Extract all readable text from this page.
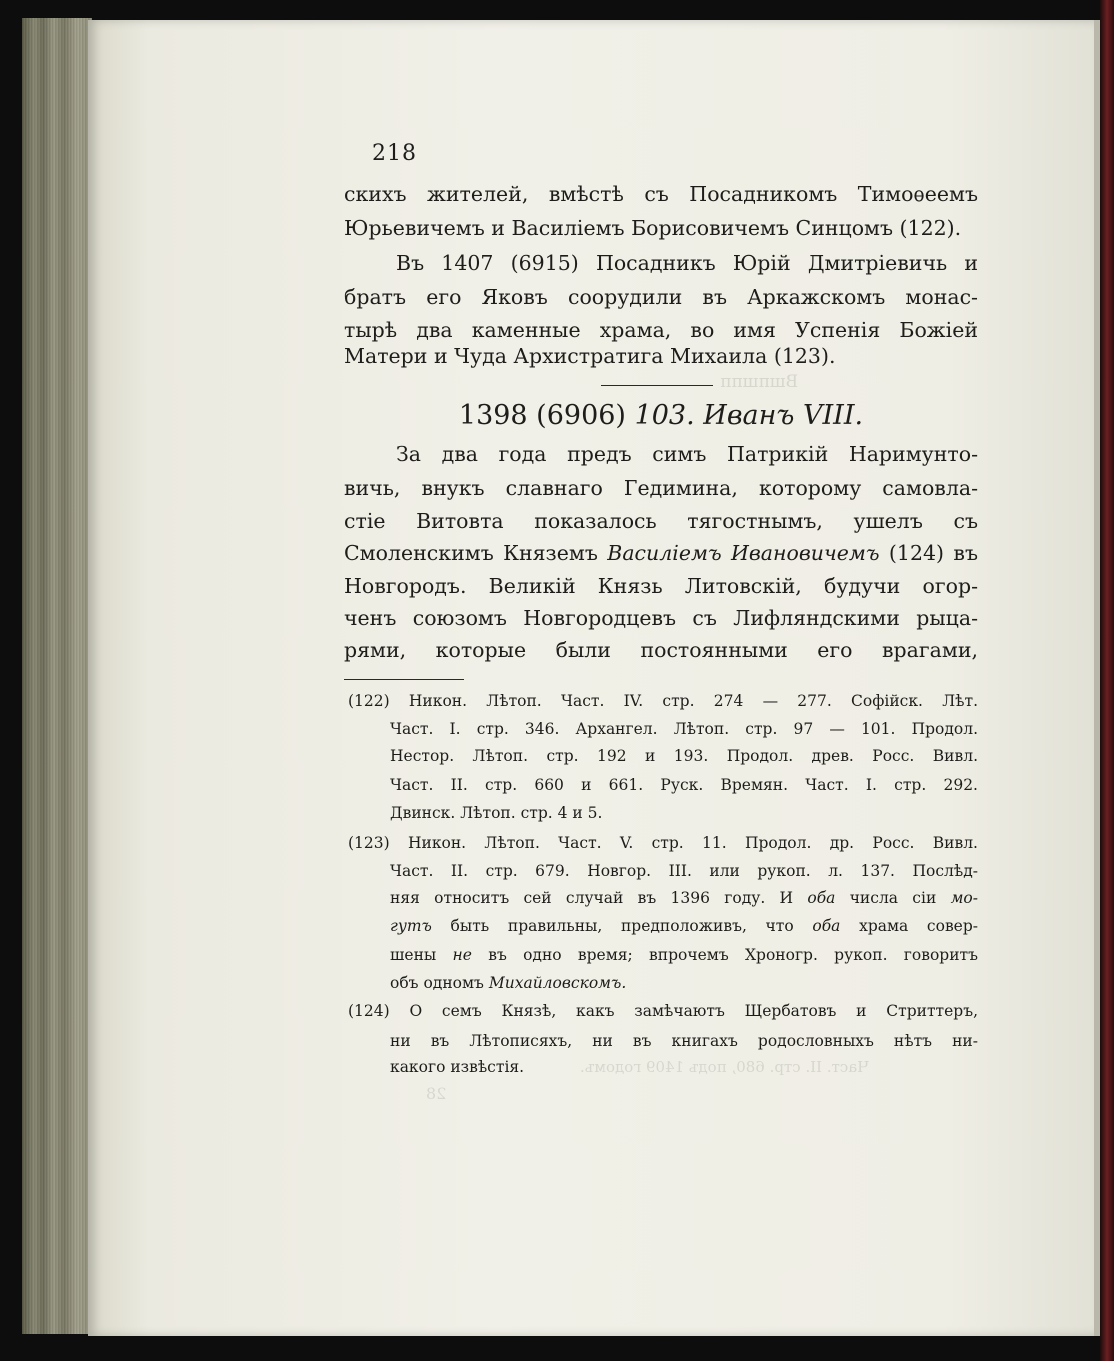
Вшпшпп
218
скихъ жителей, вмѣстѣ съ Посадникомъ Тимоѳеемъ
Юрьевичемъ и Василіемъ Борисовичемъ Синцомъ (122).
Въ 1407 (6915) Посадникъ Юрій Дмитріевичь и
братъ его Яковъ соорудили въ Аркажскомъ монас-
тырѣ два каменные храма, во имя Успенія Божіей
Матери и Чуда Архистратига Михаила (123).
1398 (6906) 103. Иванъ VIII.
За два года предъ симъ Патрикій Наримунто-
вичь, внукъ славнаго Гедимина, которому самовла-
стіе Витовта показалось тягостнымъ, ушелъ съ
Смоленскимъ Княземъ Василіемъ Ивановичемъ (124) въ
Новгородъ. Великій Князь Литовскій, будучи огор-
ченъ союзомъ Новгородцевъ съ Лифляндскими рыца-
рями, которые были постоянными его врагами,
(122) Никон. Лѣтоп. Част. IV. стр. 274 — 277. Софійск. Лѣт.
Част. I. стр. 346. Архангел. Лѣтоп. стр. 97 — 101. Продол.
Нестор. Лѣтоп. стр. 192 и 193. Продол. древ. Росс. Вивл.
Част. II. стр. 660 и 661. Руск. Времян. Част. I. стр. 292.
Двинск. Лѣтоп. стр. 4 и 5.
(123) Никон. Лѣтоп. Част. V. стр. 11. Продол. др. Росс. Вивл.
Част. II. стр. 679. Новгор. III. или рукоп. л. 137. Послѣд-
няя относитъ сей случай въ 1396 году. И оба числа сіи мо-
гутъ быть правильны, предположивъ, что оба храма совер-
шены не въ одно время; впрочемъ Хроногр. рукоп. говоритъ
объ одномъ Михайловскомъ.
(124) О семъ Князѣ, какъ замѣчаютъ Щербатовъ и Стриттеръ,
ни въ Лѣтописяхъ, ни въ книгахъ родословныхъ нѣтъ ни-
какого извѣстія.	Част. II. стр. 680, подъ 1409 годомъ.
28
